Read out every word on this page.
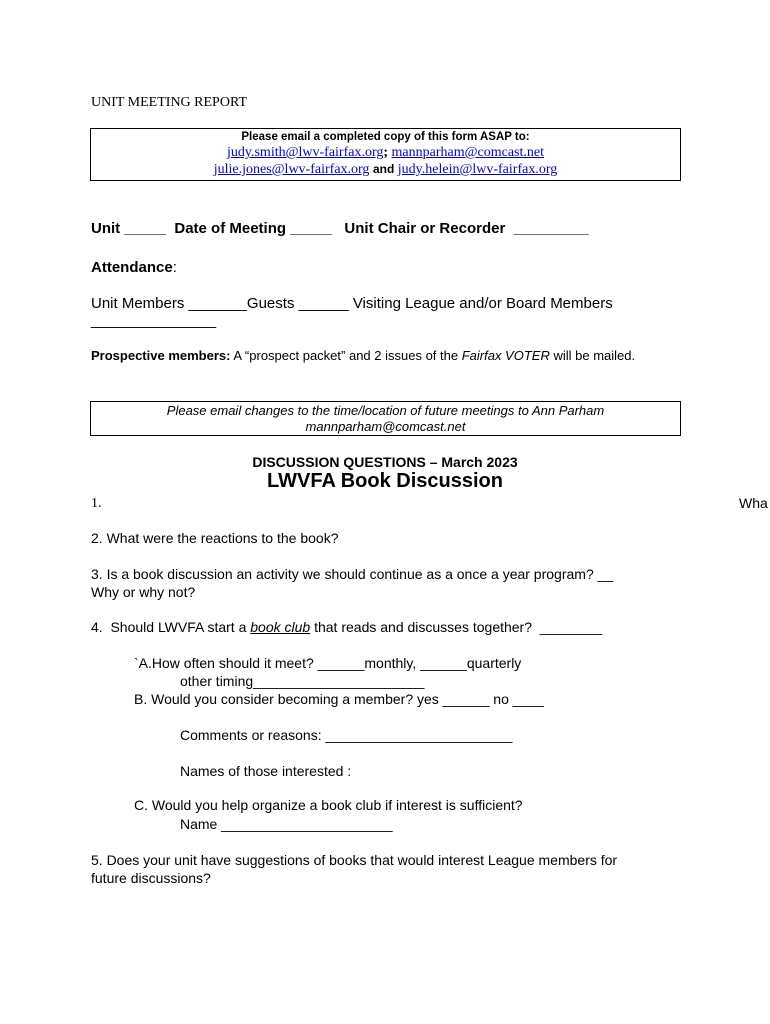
UNIT MEETING REPORT
Please email a completed copy of this form ASAP to:
judy.smith@lwv-fairfax.org; mannparham@comcast.net
julie.jones@lwv-fairfax.org and judy.helein@lwv-fairfax.org
Unit _____  Date of Meeting _____   Unit Chair or Recorder  _________
Attendance:
Unit Members _______Guests ______ Visiting League and/or Board Members
_______________
Prospective members: A “prospect packet” and 2 issues of the Fairfax VOTER will be mailed.
Please email changes to the time/location of future meetings to Ann Parham
mannparham@comcast.net
DISCUSSION QUESTIONS – March 2023
LWVFA Book Discussion
1.	Wha
2. What were the reactions to the book?
3. Is a book discussion an activity we should continue as a once a year program? __
Why or why not?
4.  Should LWVFA start a book club that reads and discusses together?  ________
`A.How often should it meet? ______monthly, ______quarterly
other timing______________________
B. Would you consider becoming a member? yes ______ no ____
Comments or reasons: ________________________
Names of those interested :
C. Would you help organize a book club if interest is sufficient?
Name ______________________
5. Does your unit have suggestions of books that would interest League members for
future discussions?
